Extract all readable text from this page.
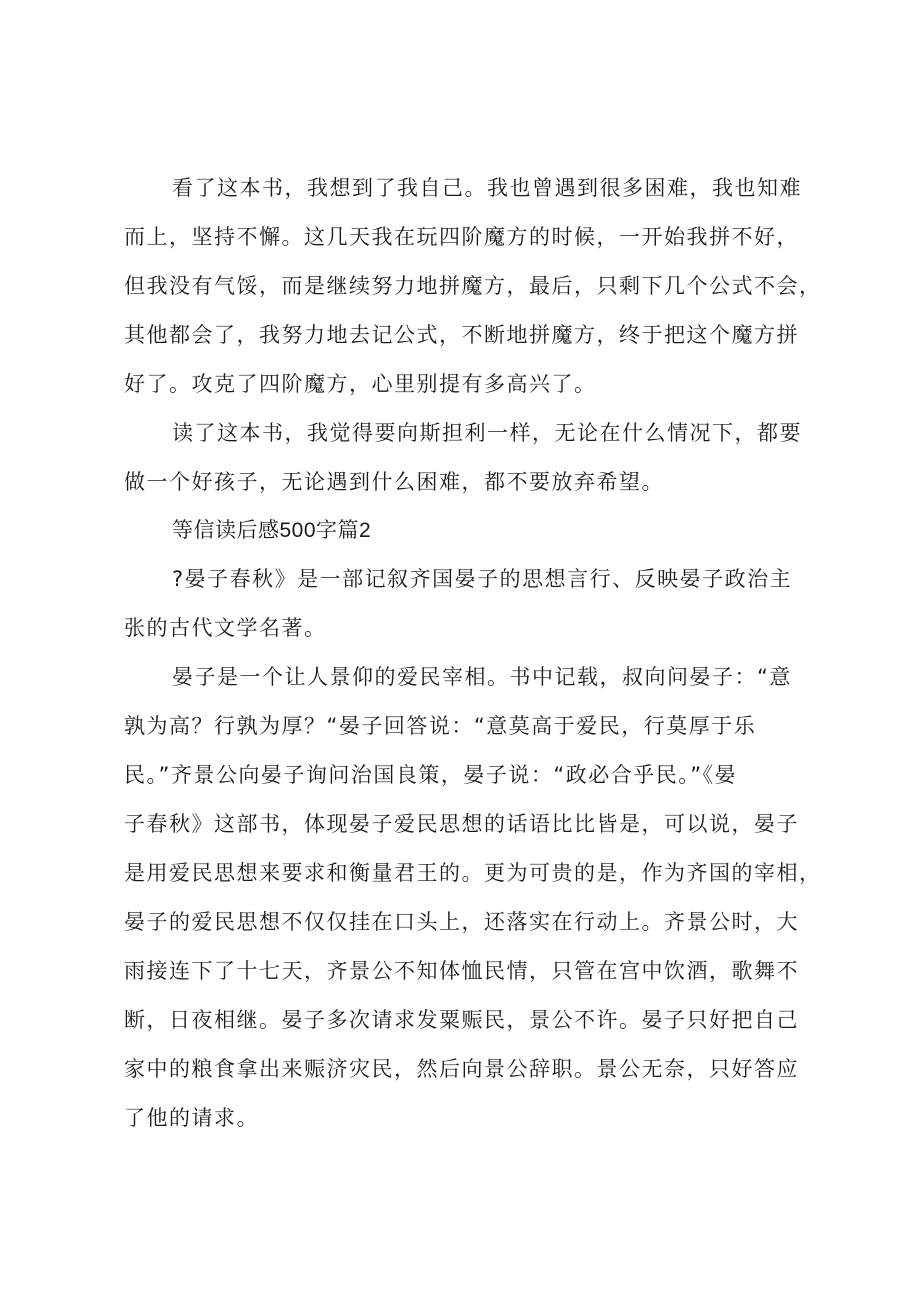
看了这本书，我想到了我自己。我也曾遇到很多困难，我也知难
而上，坚持不懈。这几天我在玩四阶魔方的时候，一开始我拼不好，
但我没有气馁，而是继续努力地拼魔方，最后，只剩下几个公式不会，
其他都会了，我努力地去记公式，不断地拼魔方，终于把这个魔方拼
好了。攻克了四阶魔方，心里别提有多高兴了。
读了这本书，我觉得要向斯担利一样，无论在什么情况下，都要
做一个好孩子，无论遇到什么困难，都不要放弃希望。
等信读后感500字篇2
?晏子春秋》是一部记叙齐国晏子的思想言行、反映晏子政治主
张的古代文学名著。
晏子是一个让人景仰的爱民宰相。书中记载，叔向问晏子：“意
孰为高？行孰为厚？“晏子回答说：“意莫高于爱民，行莫厚于乐
民。”齐景公向晏子询问治国良策，晏子说：“政必合乎民。”《晏
子春秋》这部书，体现晏子爱民思想的话语比比皆是，可以说，晏子
是用爱民思想来要求和衡量君王的。更为可贵的是，作为齐国的宰相，
晏子的爱民思想不仅仅挂在口头上，还落实在行动上。齐景公时，大
雨接连下了十七天，齐景公不知体恤民情，只管在宫中饮酒，歌舞不
断，日夜相继。晏子多次请求发粟赈民，景公不许。晏子只好把自己
家中的粮食拿出来赈济灾民，然后向景公辞职。景公无奈，只好答应
了他的请求。
